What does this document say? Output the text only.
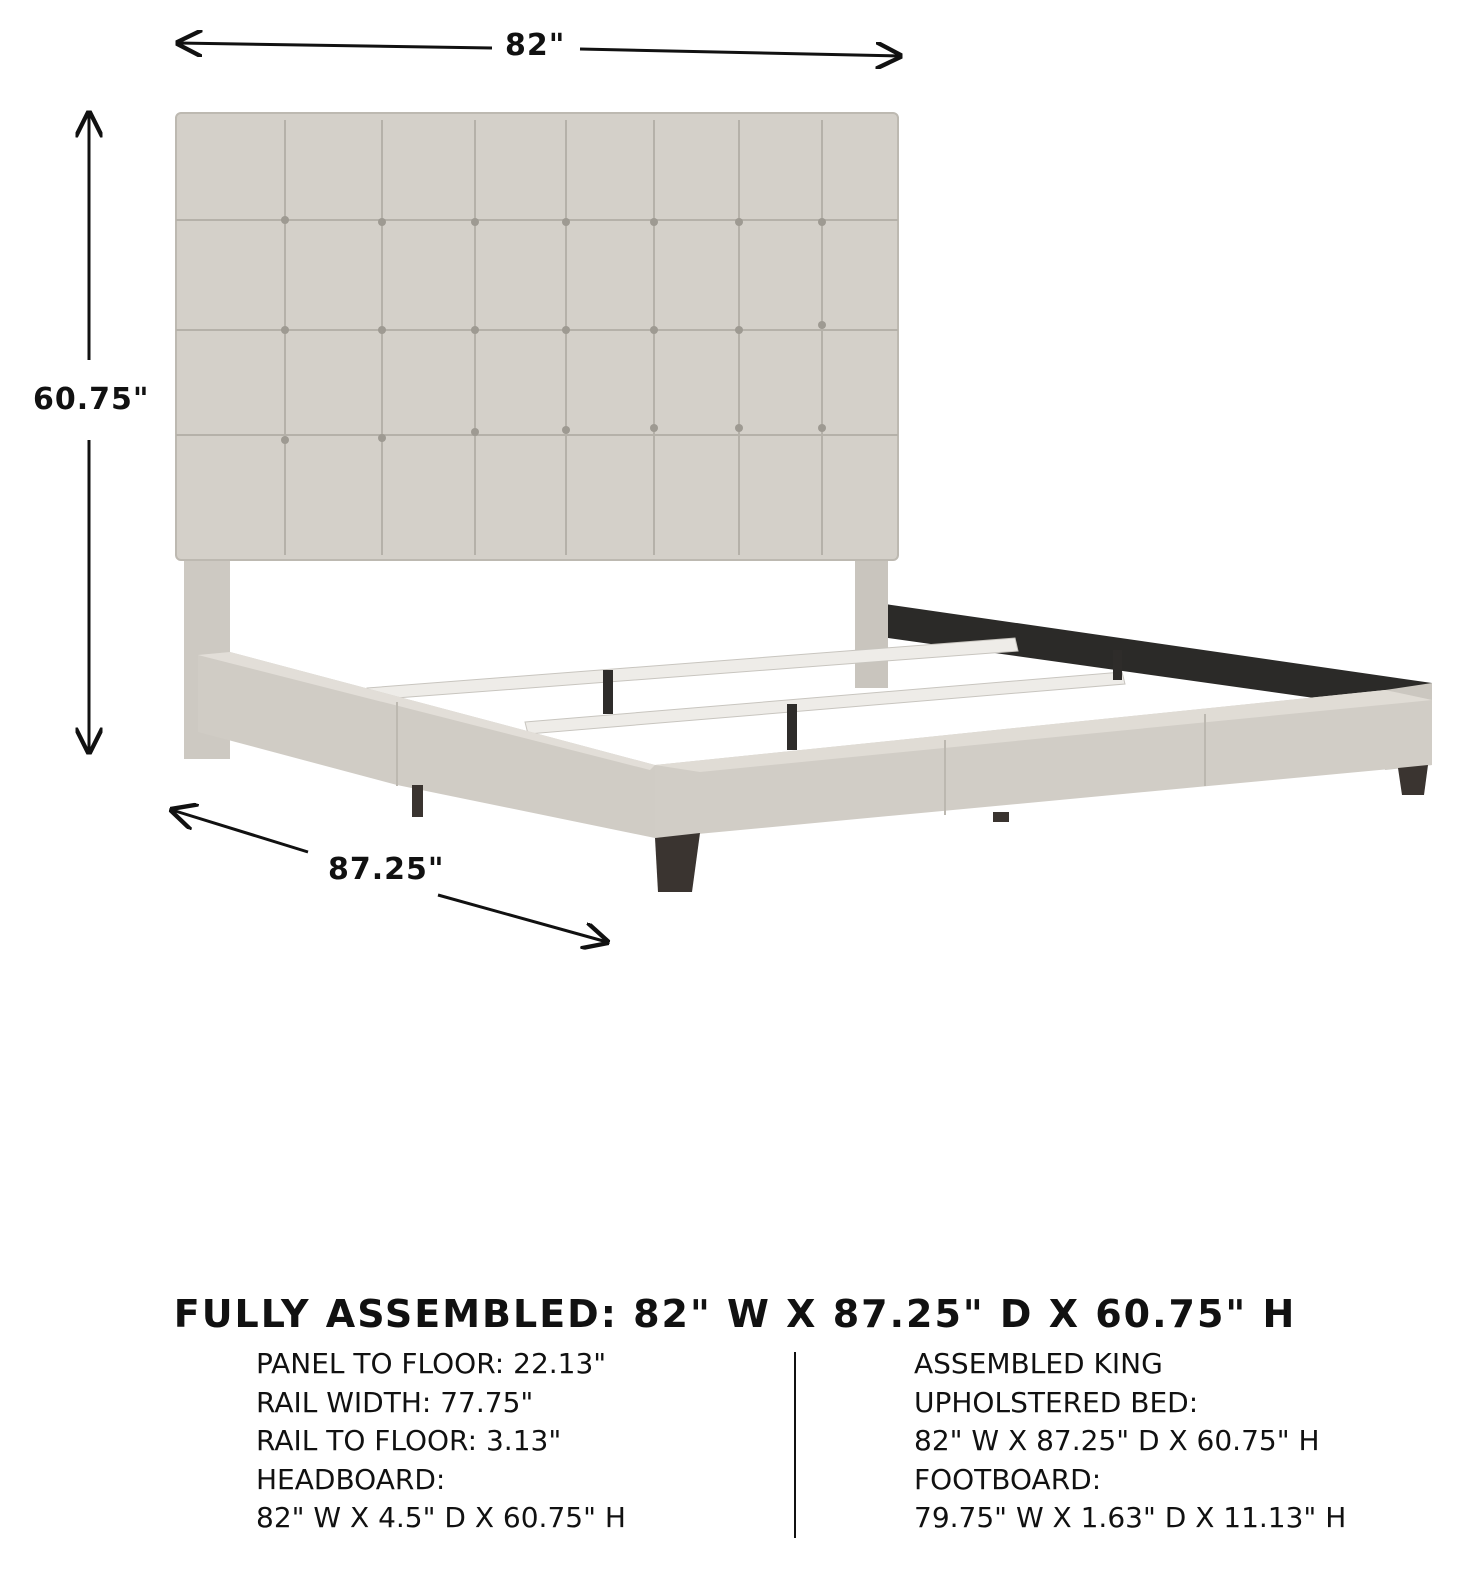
82"
60.75"
87.25"
FULLY ASSEMBLED: 82" W X 87.25" D X 60.75" H
PANEL TO FLOOR: 22.13"
RAIL WIDTH: 77.75"
RAIL TO FLOOR: 3.13"
HEADBOARD:
82" W X 4.5" D X 60.75" H
ASSEMBLED KING
UPHOLSTERED BED:
82" W X 87.25" D X 60.75" H
FOOTBOARD:
79.75" W X 1.63" D X 11.13" H
